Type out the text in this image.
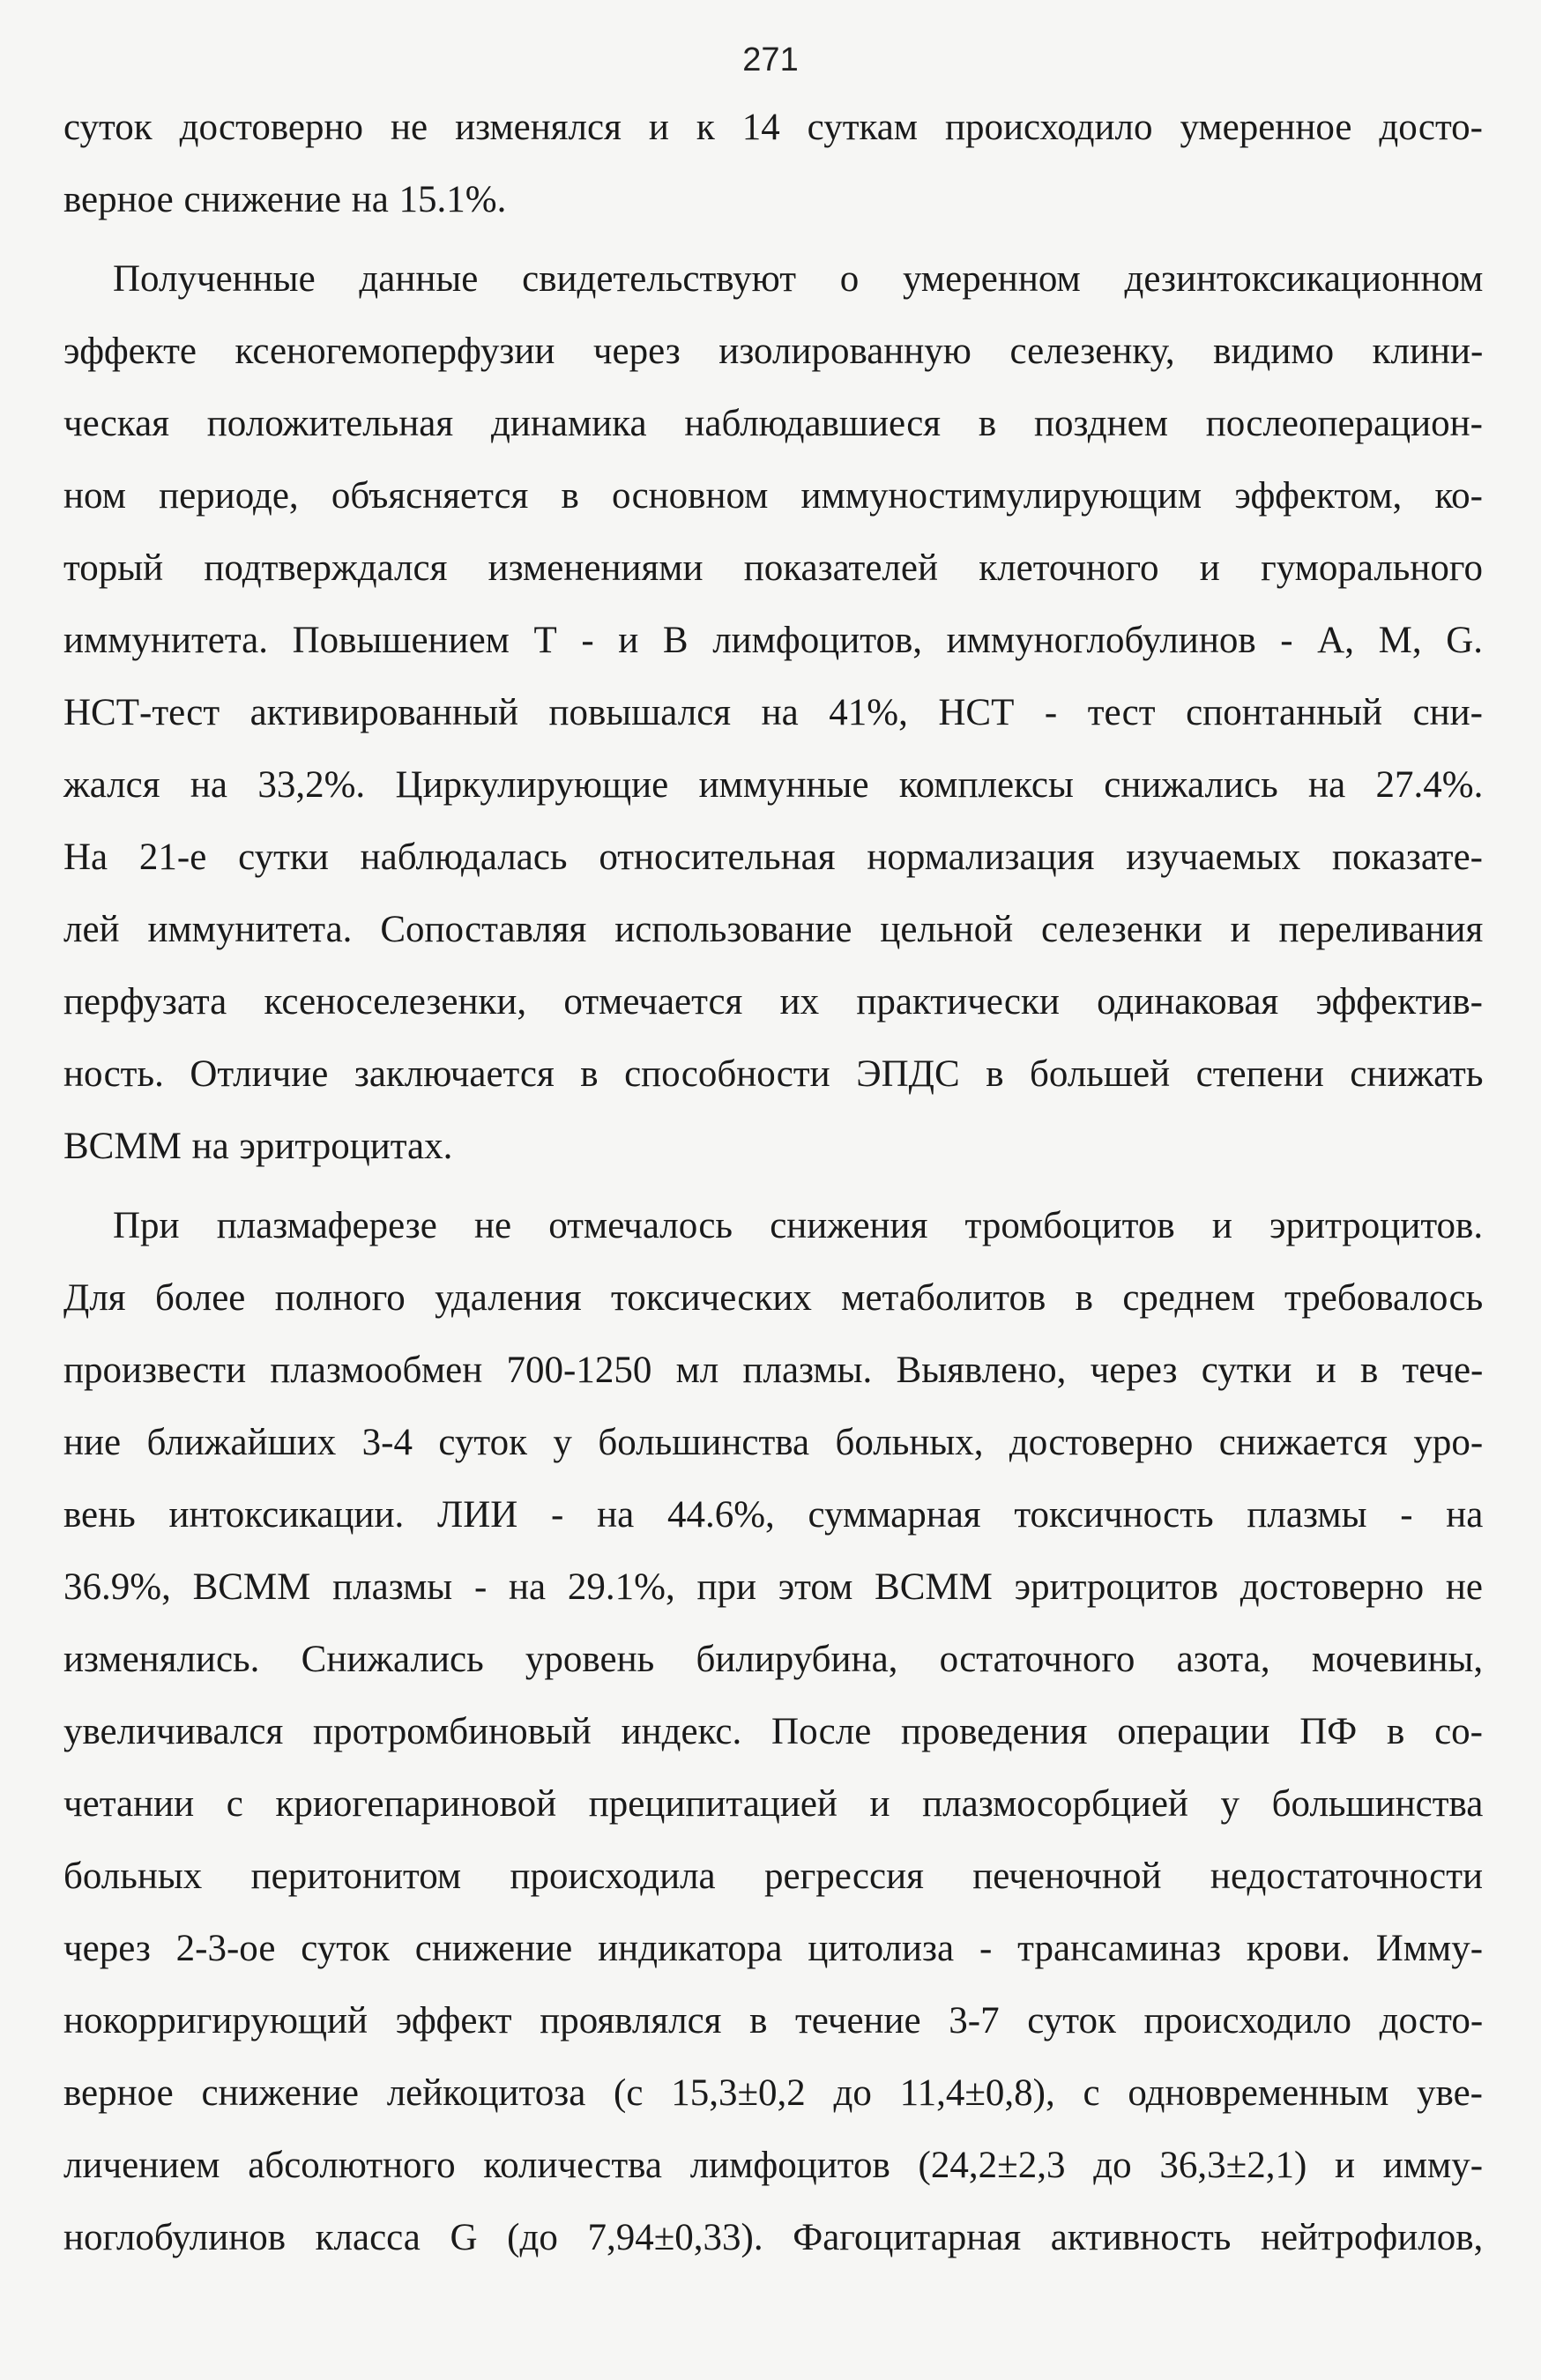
271
суток достоверно не изменялся и к 14 суткам происходило умеренное досто-
верное снижение на 15.1%.
Полученные данные свидетельствуют о умеренном дезинтоксикационном
эффекте ксеногемоперфузии через изолированную селезенку, видимо клини-
ческая положительная динамика наблюдавшиеся в позднем послеоперацион-
ном периоде, объясняется в основном иммуностимулирующим эффектом, ко-
торый подтверждался изменениями показателей клеточного и гуморального
иммунитета. Повышением Т - и В лимфоцитов, иммуноглобулинов - А, М, G.
НСТ-тест активированный повышался на 41%, НСТ - тест спонтанный сни-
жался на 33,2%. Циркулирующие иммунные комплексы снижались на 27.4%.
На 21-е сутки наблюдалась относительная нормализация изучаемых показате-
лей иммунитета. Сопоставляя использование цельной селезенки и переливания
перфузата ксеноселезенки, отмечается их практически одинаковая эффектив-
ность. Отличие заключается в способности ЭПДС в большей степени снижать
ВСММ на эритроцитах.
При плазмаферезе не отмечалось снижения тромбоцитов и эритроцитов.
Для более полного удаления токсических метаболитов в среднем требовалось
произвести плазмообмен 700-1250 мл плазмы. Выявлено, через сутки и в тече-
ние ближайших 3-4 суток у большинства больных, достоверно снижается уро-
вень интоксикации. ЛИИ - на 44.6%, суммарная токсичность плазмы - на
36.9%, ВСММ плазмы - на 29.1%, при этом ВСММ эритроцитов достоверно не
изменялись. Снижались уровень билирубина, остаточного азота, мочевины,
увеличивался протромбиновый индекс. После проведения операции ПФ в со-
четании с криогепариновой преципитацией и плазмосорбцией у большинства
больных перитонитом происходила регрессия печеночной недостаточности
через 2-3-ое суток снижение индикатора цитолиза - трансаминаз крови. Имму-
нокорригирующий эффект проявлялся в течение 3-7 суток происходило досто-
верное снижение лейкоцитоза (с 15,3±0,2 до 11,4±0,8), с одновременным уве-
личением абсолютного количества лимфоцитов (24,2±2,3 до 36,3±2,1) и имму-
ноглобулинов класса G (до 7,94±0,33). Фагоцитарная активность нейтрофилов,
